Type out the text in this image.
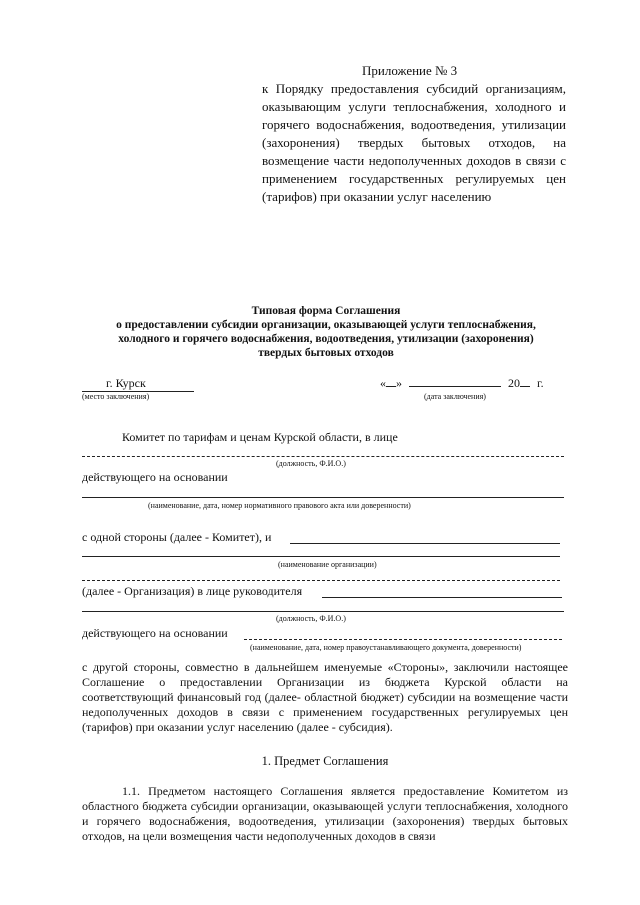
Приложение № 3
к Порядку предоставления субсидий организациям, оказывающим услуги теплоснабжения, холодного и горячего водоснабжения, водоотведения, утилизации (захоронения) твердых бытовых отходов, на возмещение части недополученных доходов в связи с применением государственных регулируемых цен (тарифов) при оказании услуг населению
Типовая форма Соглашения
о предоставлении субсидии организации, оказывающей услуги теплоснабжения,
холодного и горячего водоснабжения, водоотведения, утилизации (захоронения)
твердых бытовых отходов
г. Курск
(место заключения)
« »	20 г.
(дата заключения)
Комитет по тарифам и ценам Курской области, в лице
(должность, Ф.И.О.)
действующего на основании
(наименование, дата, номер нормативного правового акта или доверенности)
с одной стороны (далее - Комитет), и
(наименование организации)
(далее - Организация) в лице руководителя
(должность, Ф.И.О.)
действующего на основании
(наименование, дата, номер правоустанавливающего документа, доверенности)
с другой стороны, совместно в дальнейшем именуемые «Стороны», заключили настоящее Соглашение о предоставлении Организации из бюджета Курской области на соответствующий финансовый год (далее- областной бюджет) субсидии на возмещение части недополученных доходов в связи с применением государственных регулируемых цен (тарифов) при оказании услуг населению (далее - субсидия).
1. Предмет Соглашения
1.1. Предметом настоящего Соглашения является предоставление Комитетом из областного бюджета субсидии организации, оказывающей услуги теплоснабжения, холодного и горячего водоснабжения, водоотведения, утилизации (захоронения) твердых бытовых отходов, на цели возмещения части недополученных доходов в связи
